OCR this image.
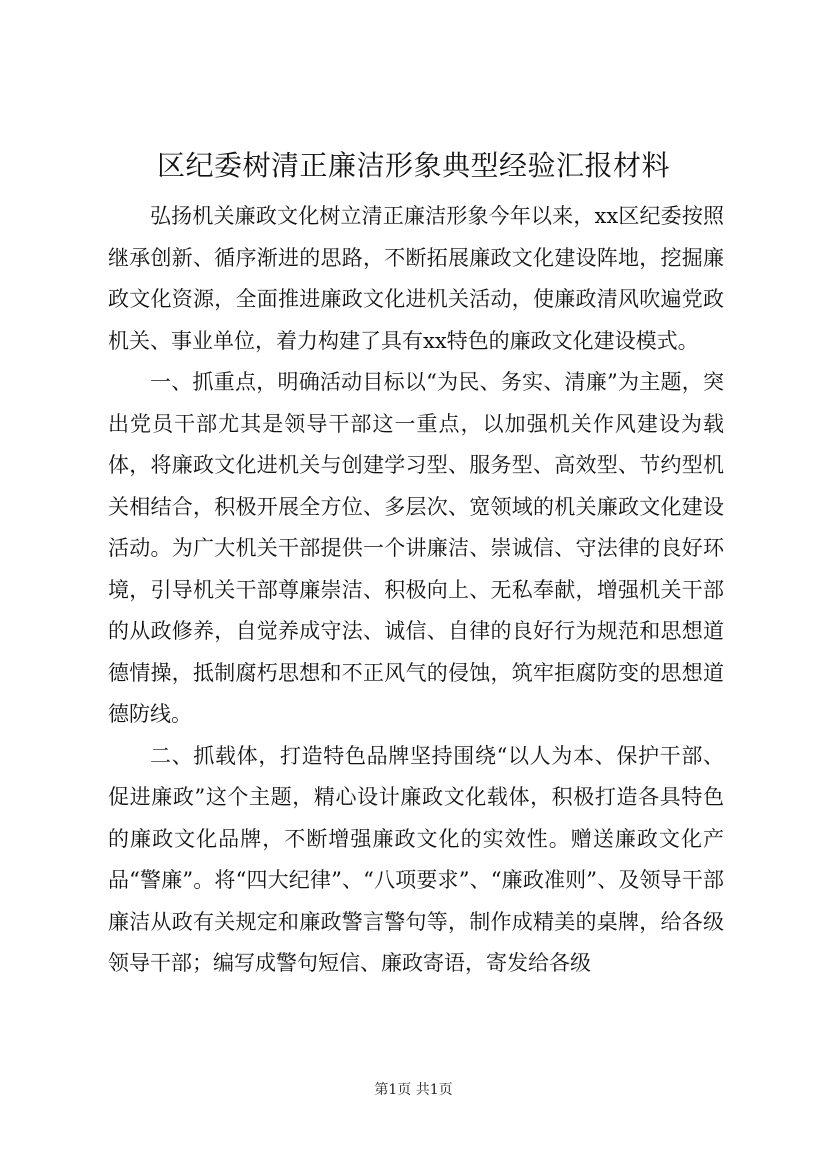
区纪委树清正廉洁形象典型经验汇报材料

弘扬机关廉政文化树立清正廉洁形象今年以来，xx区纪委按照继承创新、循序渐进的思路，不断拓展廉政文化建设阵地，挖掘廉政文化资源，全面推进廉政文化进机关活动，使廉政清风吹遍党政机关、事业单位，着力构建了具有xx特色的廉政文化建设模式。

一、抓重点，明确活动目标以“为民、务实、清廉”为主题，突出党员干部尤其是领导干部这一重点，以加强机关作风建设为载体，将廉政文化进机关与创建学习型、服务型、高效型、节约型机关相结合，积极开展全方位、多层次、宽领域的机关廉政文化建设活动。为广大机关干部提供一个讲廉洁、崇诚信、守法律的良好环境，引导机关干部尊廉崇洁、积极向上、无私奉献，增强机关干部的从政修养，自觉养成守法、诚信、自律的良好行为规范和思想道德情操，抵制腐朽思想和不正风气的侵蚀，筑牢拒腐防变的思想道德防线。

二、抓载体，打造特色品牌坚持围绕“以人为本、保护干部、促进廉政”这个主题，精心设计廉政文化载体，积极打造各具特色的廉政文化品牌，不断增强廉政文化的实效性。赠送廉政文化产品“警廉”。将“四大纪律”、“八项要求”、“廉政准则”、及领导干部廉洁从政有关规定和廉政警言警句等，制作成精美的桌牌，给各级领导干部；编写成警句短信、廉政寄语，寄发给各级

第1页 共1页
